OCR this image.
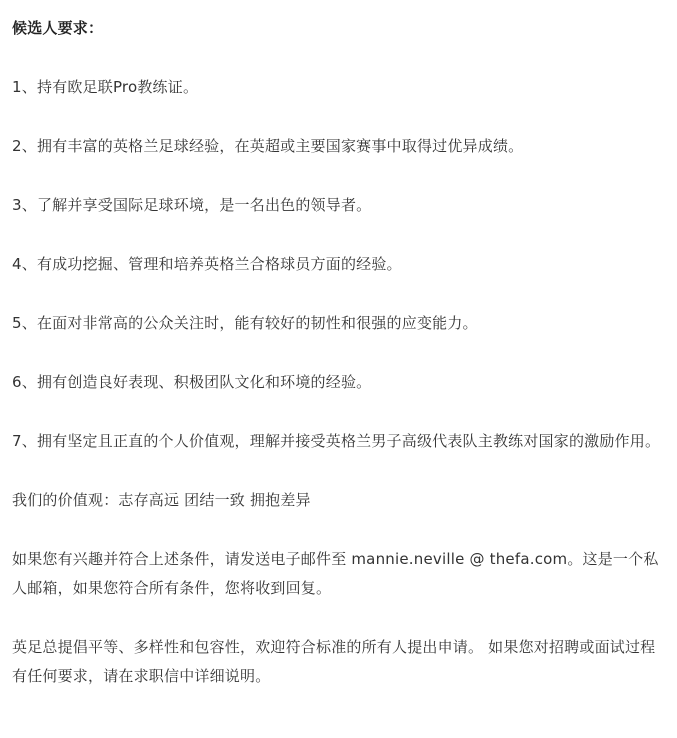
候选人要求：

1、持有欧足联Pro教练证。

2、拥有丰富的英格兰足球经验，在英超或主要国家赛事中取得过优异成绩。

3、了解并享受国际足球环境，是一名出色的领导者。

4、有成功挖掘、管理和培养英格兰合格球员方面的经验。

5、在面对非常高的公众关注时，能有较好的韧性和很强的应变能力。

6、拥有创造良好表现、积极团队文化和环境的经验。

7、拥有坚定且正直的个人价值观，理解并接受英格兰男子高级代表队主教练对国家的激励作用。

我们的价值观：志存高远 团结一致 拥抱差异

如果您有兴趣并符合上述条件，请发送电子邮件至 mannie.neville @ thefa.com。这是一个私人邮箱，如果您符合所有条件，您将收到回复。

英足总提倡平等、多样性和包容性，欢迎符合标准的所有人提出申请。 如果您对招聘或面试过程有任何要求，请在求职信中详细说明。
